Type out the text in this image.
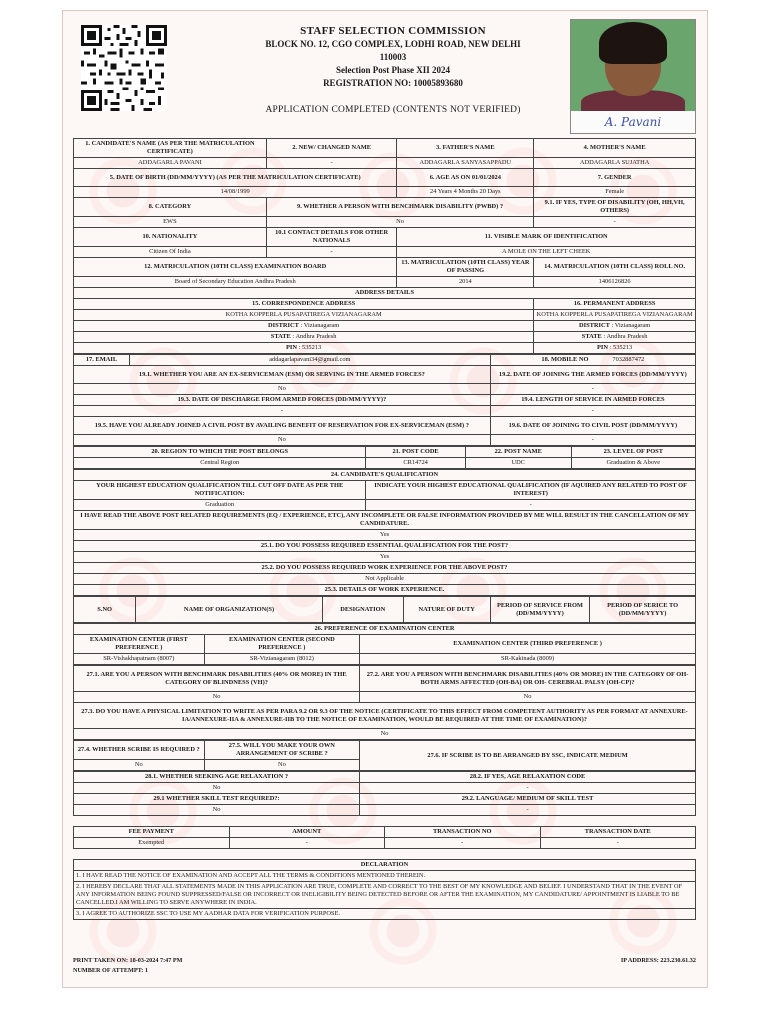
STAFF SELECTION COMMISSION
BLOCK NO. 12, CGO COMPLEX, LODHI ROAD, NEW DELHI
110003
Selection Post Phase XII 2024
REGISTRATION NO: 10005893680
APPLICATION COMPLETED (CONTENTS NOT VERIFIED)
A. Pavani
1. CANDIDATE'S NAME (AS PER THE MATRICULATION CERTIFICATE)	2. NEW/ CHANGED NAME	3. FATHER'S NAME	4. MOTHER'S NAME
ADDAGARLA PAVANI	-	ADDAGARLA SANYASAPPADU	ADDAGARLA SUJATHA
5. DATE OF BIRTH (DD/MM/YYYY) (AS PER THE MATRICULATION CERTIFICATE)		6. AGE AS ON 01/01/2024	7. GENDER
14/08/1999		24 Years 4 Months 20 Days	Female
8. CATEGORY	9. WHETHER A PERSON WITH BENCHMARK DISABILITY (PWBD) ?		9.1. IF YES, TYPE OF DISABILITY (OH, HH,VH, OTHERS)
EWS	No		-
10. NATIONALITY	10.1 CONTACT DETAILS FOR OTHER NATIONALS	11. VISIBLE MARK OF IDENTIFICATION	
Citizen Of India	-	A MOLE ON THE LEFT CHEEK	
12. MATRICULATION (10TH CLASS) EXAMINATION BOARD		13. MATRICULATION (10TH CLASS) YEAR OF PASSING	14. MATRICULATION (10TH CLASS) ROLL NO.
Board of Secondary Education Andhra Pradesh		2014	1406126826
ADDRESS DETAILS			
15. CORRESPONDENCE ADDRESS			16. PERMANENT ADDRESS
KOTHA KOPPERLA PUSAPATIREGA VIZIANAGARAM			KOTHA KOPPERLA PUSAPATIREGA VIZIANAGARAM
DISTRICT : Vizianagaram			DISTRICT : Vizianagaram
STATE : Andhra Pradesh			STATE : Andhra Pradesh
PIN : 535213			PIN : 535213
17. EMAIL	addagarlapavani34@gmail.com	18. MOBILE NO 7032887472
19.1. WHETHER YOU ARE AN EX-SERVICEMAN (ESM) OR SERVING IN THE ARMED FORCES?		19.2. DATE OF JOINING THE ARMED FORCES (DD/MM/YYYY)
No		-
19.3. DATE OF DISCHARGE FROM ARMED FORCES (DD/MM/YYYY)?		19.4. LENGTH OF SERVICE IN ARMED FORCES
-		-
19.5. HAVE YOU ALREADY JOINED A CIVIL POST BY AVAILING BENEFIT OF RESERVATION FOR EX-SERVICEMAN (ESM) ?		19.6. DATE OF JOINING TO CIVIL POST (DD/MM/YYYY)
No		-
20. REGION TO WHICH THE POST BELONGS	21. POST CODE	22. POST NAME	23. LEVEL OF POST
Central Region	CR14724	UDC	Graduation & Above
24. CANDIDATE'S QUALIFICATION	
YOUR HIGHEST EDUCATION QUALIFICATION TILL CUT OFF DATE AS PER THE NOTIFICATION:	INDICATE YOUR HIGHEST EDUCATIONAL QUALIFICATION (IF AQUIRED ANY RELATED TO POST OF INTEREST)
Graduation	-
I HAVE READ THE ABOVE POST RELATED REQUIREMENTS (EQ / EXPERIENCE, ETC), ANY INCOMPLETE OR FALSE INFORMATION PROVIDED BY ME WILL RESULT IN THE CANCELLATION OF MY CANDIDATURE.	
Yes	
25.1. DO YOU POSSESS REQUIRED ESSENTIAL QUALIFICATION FOR THE POST?	
Yes	
25.2. DO YOU POSSESS REQUIRED WORK EXPERIENCE FOR THE ABOVE POST?	
Not Applicable	
25.3. DETAILS OF WORK EXPERIENCE.	
S.NO	NAME OF ORGANIZATION(S)	DESIGNATION	NATURE OF DUTY	PERIOD OF SERVICE FROM (DD/MM/YYYY)	PERIOD OF SERICE TO (DD/MM/YYYY)
26. PREFERENCE OF EXAMINATION CENTER		
EXAMINATION CENTER (FIRST PREFERENCE )	EXAMINATION CENTER (SECOND PREFERENCE )	EXAMINATION CENTER (THIRD PREFERENCE )
SR-Vishakhapatnam (8007)	SR-Vizianagaram (8012)	SR-Kakinada (8009)
27.1. ARE YOU A PERSON WITH BENCHMARK DISABILITIES (40% OR MORE) IN THE CATEGORY OF BLINDNESS (VH)?	27.2. ARE YOU A PERSON WITH BENCHMARK DISABILITIES (40% OR MORE) IN THE CATEGORY OF OH- BOTH ARMS AFFECTED (OH-BA) OR OH- CEREBRAL PALSY (OH-CP)?
No	No
27.3. DO YOU HAVE A PHYSICAL LIMITATION TO WRITE AS PER PARA 9.2 OR 9.3 OF THE NOTICE (CERTIFICATE TO THIS EFFECT FROM COMPETENT AUTHORITY AS PER FORMAT AT ANNEXURE-IA/ANNEXURE-IIA & ANNEXURE-IIB TO THE NOTICE OF EXAMINATION, WOULD BE REQUIRED AT THE TIME OF EXAMINATION)?	
No	
27.4. WHETHER SCRIBE IS REQUIRED ?	27.5. WILL YOU MAKE YOUR OWN ARRANGEMENT OF SCRIBE ?	27.6. IF SCRIBE IS TO BE ARRANGED BY SSC, INDICATE MEDIUM
No	No	
28.1. WHETHER SEEKING AGE RELAXATION ?	28.2. IF YES, AGE RELAXATION CODE
No	-
29.1 WHETHER SKILL TEST REQUIRED?:	29.2. LANGUAGE/ MEDIUM OF SKILL TEST
No	-
FEE PAYMENT	AMOUNT	TRANSACTION NO	TRANSACTION DATE
Exempted	-	-	-
DECLARATION
1. I HAVE READ THE NOTICE OF EXAMINATION AND ACCEPT ALL THE TERMS & CONDITIONS MENTIONED THEREIN.
2. I HEREBY DECLARE THAT ALL STATEMENTS MADE IN THIS APPLICATION ARE TRUE, COMPLETE AND CORRECT TO THE BEST OF MY KNOWLEDGE AND BELIEF. I UNDERSTAND THAT IN THE EVENT OF ANY INFORMATION BEING FOUND SUPPRESSED/FALSE OR INCORRECT OR INELIGIBILITY BEING DETECTED BEFORE OR AFTER THE EXAMINATION, MY CANDIDATURE/ APPOINTMENT IS LIABLE TO BE CANCELLED.I AM WILLING TO SERVE ANYWHERE IN INDIA.
3. I AGREE TO AUTHORIZE SSC TO USE MY AADHAR DATA FOR VERIFICATION PURPOSE.
PRINT TAKEN ON: 18-03-2024 7:47 PM
NUMBER OF ATTEMPT: 1
IP ADDRESS: 223.230.61.32
